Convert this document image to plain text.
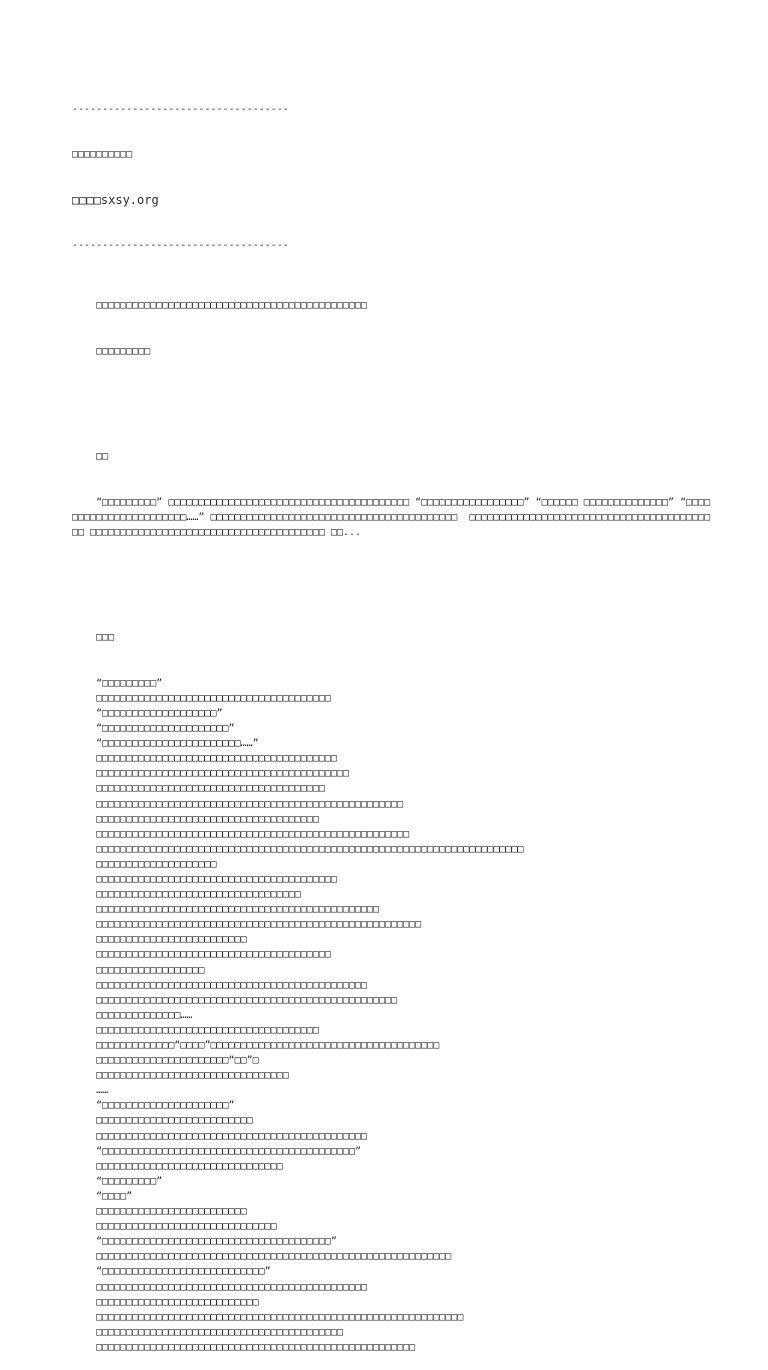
------------------------------------

□□□□□□□□□□

□□□□sxsy.org

------------------------------------

□□□□□□□□□□□□□□□□□□□□□□□□□□□□□□□□□□□□□□□□□□□□□

□□□□□□□□□

□□

“□□□□□□□□□” □□□□□□□□□□□□□□□□□□□□□□□□□□□□□□□□□□□□□□□□ “□□□□□□□□□□□□□□□□□” “□□□□□□ □□□□□□□□□□□□□□” “□□□□□□□□□□□□□□□□□□□□□□□……” □□□□□□□□□□□□□□□□□□□□□□□□□□□□□□□□□□□□□□□□□  □□□□□□□□□□□□□□□□□□□□□□□□□□□□□□□□□□□□□□□□□□ □□□□□□□□□□□□□□□□□□□□□□□□□□□□□□□□□□□□□□□ □□...

□□□

“□□□□□□□□□”
□□□□□□□□□□□□□□□□□□□□□□□□□□□□□□□□□□□□□□□
“□□□□□□□□□□□□□□□□□□□”
“□□□□□□□□□□□□□□□□□□□□□”
“□□□□□□□□□□□□□□□□□□□□□□□……”
□□□□□□□□□□□□□□□□□□□□□□□□□□□□□□□□□□□□□□□□
□□□□□□□□□□□□□□□□□□□□□□□□□□□□□□□□□□□□□□□□□□
□□□□□□□□□□□□□□□□□□□□□□□□□□□□□□□□□□□□□□
□□□□□□□□□□□□□□□□□□□□□□□□□□□□□□□□□□□□□□□□□□□□□□□□□□□
□□□□□□□□□□□□□□□□□□□□□□□□□□□□□□□□□□□□□
□□□□□□□□□□□□□□□□□□□□□□□□□□□□□□□□□□□□□□□□□□□□□□□□□□□□
□□□□□□□□□□□□□□□□□□□□□□□□□□□□□□□□□□□□□□□□□□□□□□□□□□□□□□□□□□□□□□□□□□□□□□□
□□□□□□□□□□□□□□□□□□□□
□□□□□□□□□□□□□□□□□□□□□□□□□□□□□□□□□□□□□□□□
□□□□□□□□□□□□□□□□□□□□□□□□□□□□□□□□□□
□□□□□□□□□□□□□□□□□□□□□□□□□□□□□□□□□□□□□□□□□□□□□□□
□□□□□□□□□□□□□□□□□□□□□□□□□□□□□□□□□□□□□□□□□□□□□□□□□□□□□□
□□□□□□□□□□□□□□□□□□□□□□□□□
□□□□□□□□□□□□□□□□□□□□□□□□□□□□□□□□□□□□□□□
□□□□□□□□□□□□□□□□□□
□□□□□□□□□□□□□□□□□□□□□□□□□□□□□□□□□□□□□□□□□□□□□
□□□□□□□□□□□□□□□□□□□□□□□□□□□□□□□□□□□□□□□□□□□□□□□□□□
□□□□□□□□□□□□□□……
□□□□□□□□□□□□□□□□□□□□□□□□□□□□□□□□□□□□□
□□□□□□□□□□□□□“□□□□”□□□□□□□□□□□□□□□□□□□□□□□□□□□□□□□□□□□□□□
□□□□□□□□□□□□□□□□□□□□□□“□□”□
□□□□□□□□□□□□□□□□□□□□□□□□□□□□□□□□
……
“□□□□□□□□□□□□□□□□□□□□□”
□□□□□□□□□□□□□□□□□□□□□□□□□□
□□□□□□□□□□□□□□□□□□□□□□□□□□□□□□□□□□□□□□□□□□□□□
“□□□□□□□□□□□□□□□□□□□□□□□□□□□□□□□□□□□□□□□□□□”
□□□□□□□□□□□□□□□□□□□□□□□□□□□□□□□
“□□□□□□□□□”
“□□□□”
□□□□□□□□□□□□□□□□□□□□□□□□□
□□□□□□□□□□□□□□□□□□□□□□□□□□□□□□
“□□□□□□□□□□□□□□□□□□□□□□□□□□□□□□□□□□□□□□”
□□□□□□□□□□□□□□□□□□□□□□□□□□□□□□□□□□□□□□□□□□□□□□□□□□□□□□□□□□□
“□□□□□□□□□□□□□□□□□□□□□□□□□□□”
□□□□□□□□□□□□□□□□□□□□□□□□□□□□□□□□□□□□□□□□□□□□□
□□□□□□□□□□□□□□□□□□□□□□□□□□□
□□□□□□□□□□□□□□□□□□□□□□□□□□□□□□□□□□□□□□□□□□□□□□□□□□□□□□□□□□□□□
□□□□□□□□□□□□□□□□□□□□□□□□□□□□□□□□□□□□□□□□□
□□□□□□□□□□□□□□□□□□□□□□□□□□□□□□□□□□□□□□□□□□□□□□□□□□□□□
